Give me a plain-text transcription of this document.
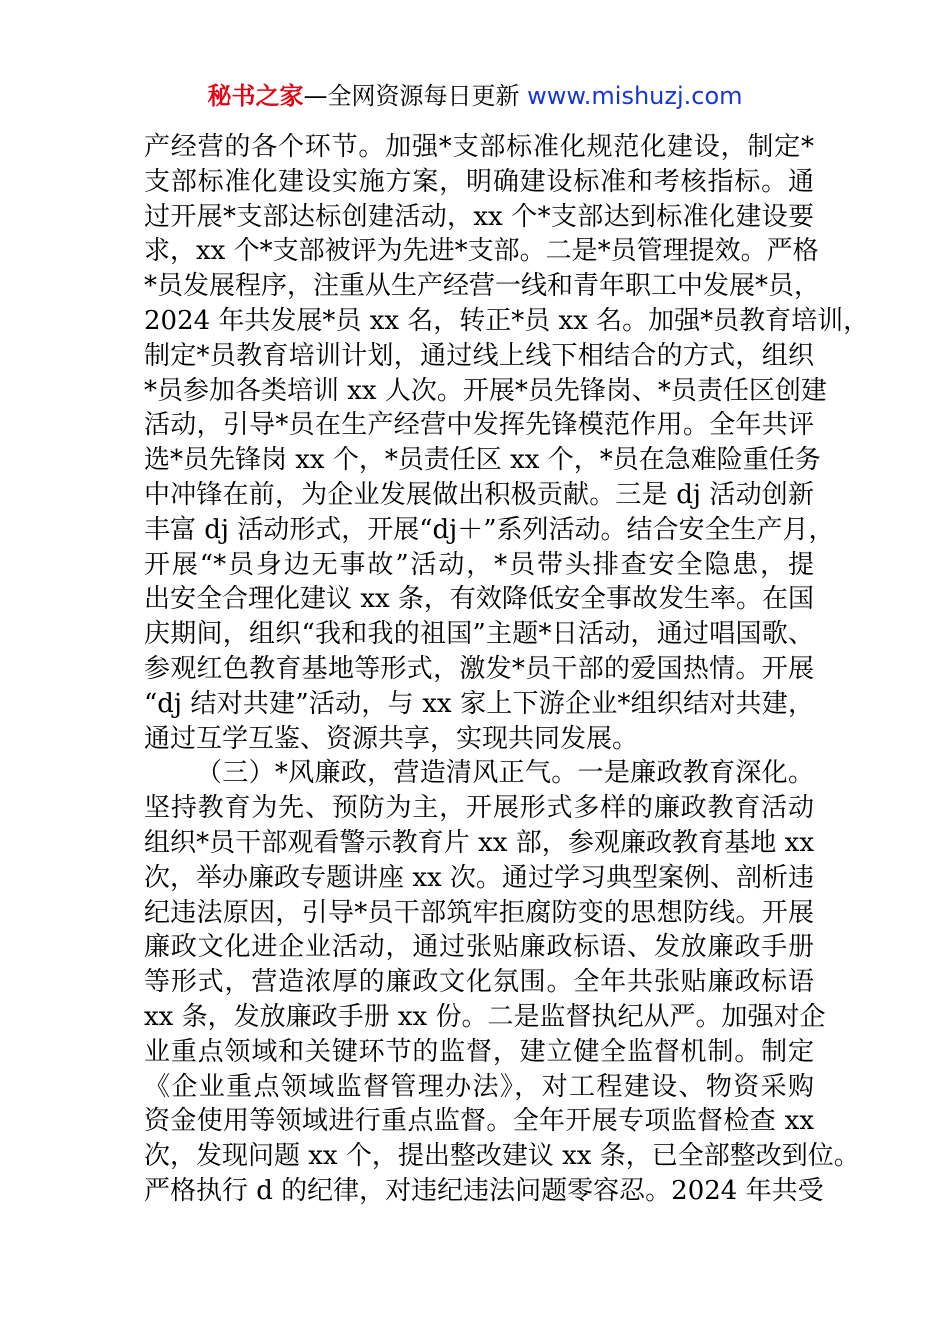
秘书之家—全网资源每日更新 www.mishuzj.com
产经营的各个环节。加强*支部标准化规范化建设，制定*
支部标准化建设实施方案，明确建设标准和考核指标。通
过开展*支部达标创建活动，xx 个*支部达到标准化建设要
求，xx 个*支部被评为先进*支部。二是*员管理提效。严格
*员发展程序，注重从生产经营一线和青年职工中发展*员，
2024 年共发展*员 xx 名，转正*员 xx 名。加强*员教育培训，
制定*员教育培训计划，通过线上线下相结合的方式，组织
*员参加各类培训 xx 人次。开展*员先锋岗、*员责任区创建
活动，引导*员在生产经营中发挥先锋模范作用。全年共评
选*员先锋岗 xx 个，*员责任区 xx 个，*员在急难险重任务
中冲锋在前，为企业发展做出积极贡献。三是 dj 活动创新
丰富 dj 活动形式，开展“dj＋”系列活动。结合安全生产月，
开展“*员身边无事故”活动，*员带头排查安全隐患，提
出安全合理化建议 xx 条，有效降低安全事故发生率。在国
庆期间，组织“我和我的祖国”主题*日活动，通过唱国歌、
参观红色教育基地等形式，激发*员干部的爱国热情。开展
“dj 结对共建”活动，与 xx 家上下游企业*组织结对共建，
通过互学互鉴、资源共享，实现共同发展。
（三）*风廉政，营造清风正气。一是廉政教育深化。
坚持教育为先、预防为主，开展形式多样的廉政教育活动
组织*员干部观看警示教育片 xx 部，参观廉政教育基地 xx
次，举办廉政专题讲座 xx 次。通过学习典型案例、剖析违
纪违法原因，引导*员干部筑牢拒腐防变的思想防线。开展
廉政文化进企业活动，通过张贴廉政标语、发放廉政手册
等形式，营造浓厚的廉政文化氛围。全年共张贴廉政标语
xx 条，发放廉政手册 xx 份。二是监督执纪从严。加强对企
业重点领域和关键环节的监督，建立健全监督机制。制定
《企业重点领域监督管理办法》，对工程建设、物资采购
资金使用等领域进行重点监督。全年开展专项监督检查 xx
次，发现问题 xx 个，提出整改建议 xx 条，已全部整改到位。
严格执行 d 的纪律，对违纪违法问题零容忍。2024 年共受
